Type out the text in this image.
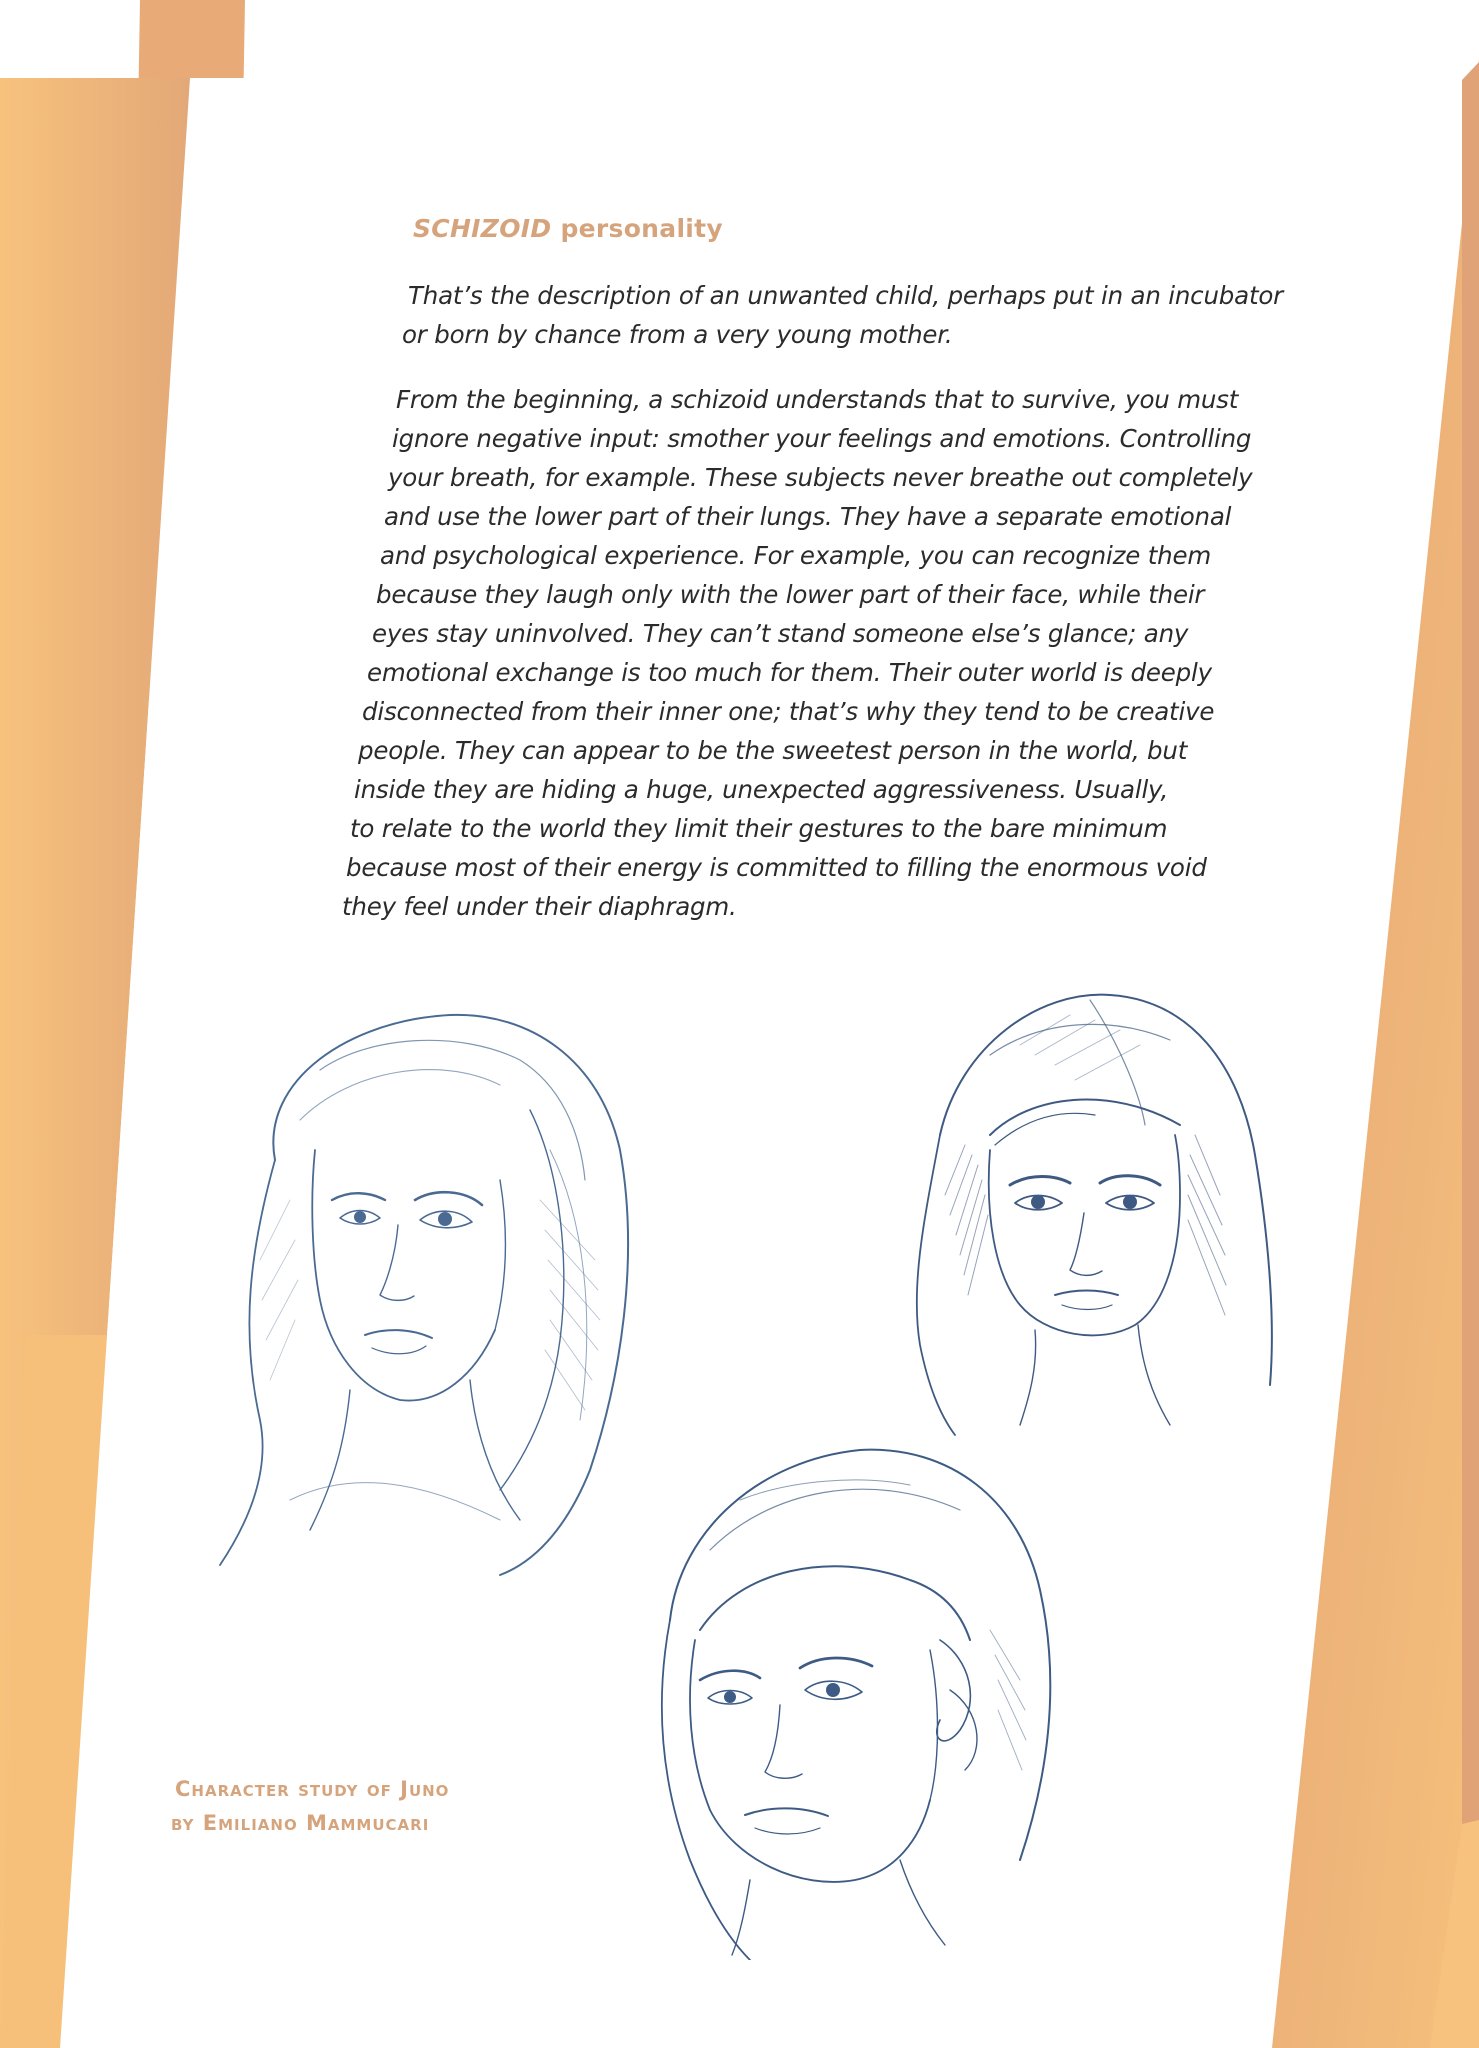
SCHIZOID personality
That’s the description of an unwanted child, perhaps put in an incubator
or born by chance from a very young mother.
From the beginning, a schizoid understands that to survive, you must
ignore negative input: smother your feelings and emotions. Controlling
your breath, for example. These subjects never breathe out completely
and use the lower part of their lungs. They have a separate emotional
and psychological experience. For example, you can recognize them
because they laugh only with the lower part of their face, while their
eyes stay uninvolved. They can’t stand someone else’s glance; any
emotional exchange is too much for them. Their outer world is deeply
disconnected from their inner one; that’s why they tend to be creative
people. They can appear to be the sweetest person in the world, but
inside they are hiding a huge, unexpected aggressiveness. Usually,
to relate to the world they limit their gestures to the bare minimum
because most of their energy is committed to filling the enormous void
they feel under their diaphragm.
Character study of Juno
by Emiliano Mammucari
